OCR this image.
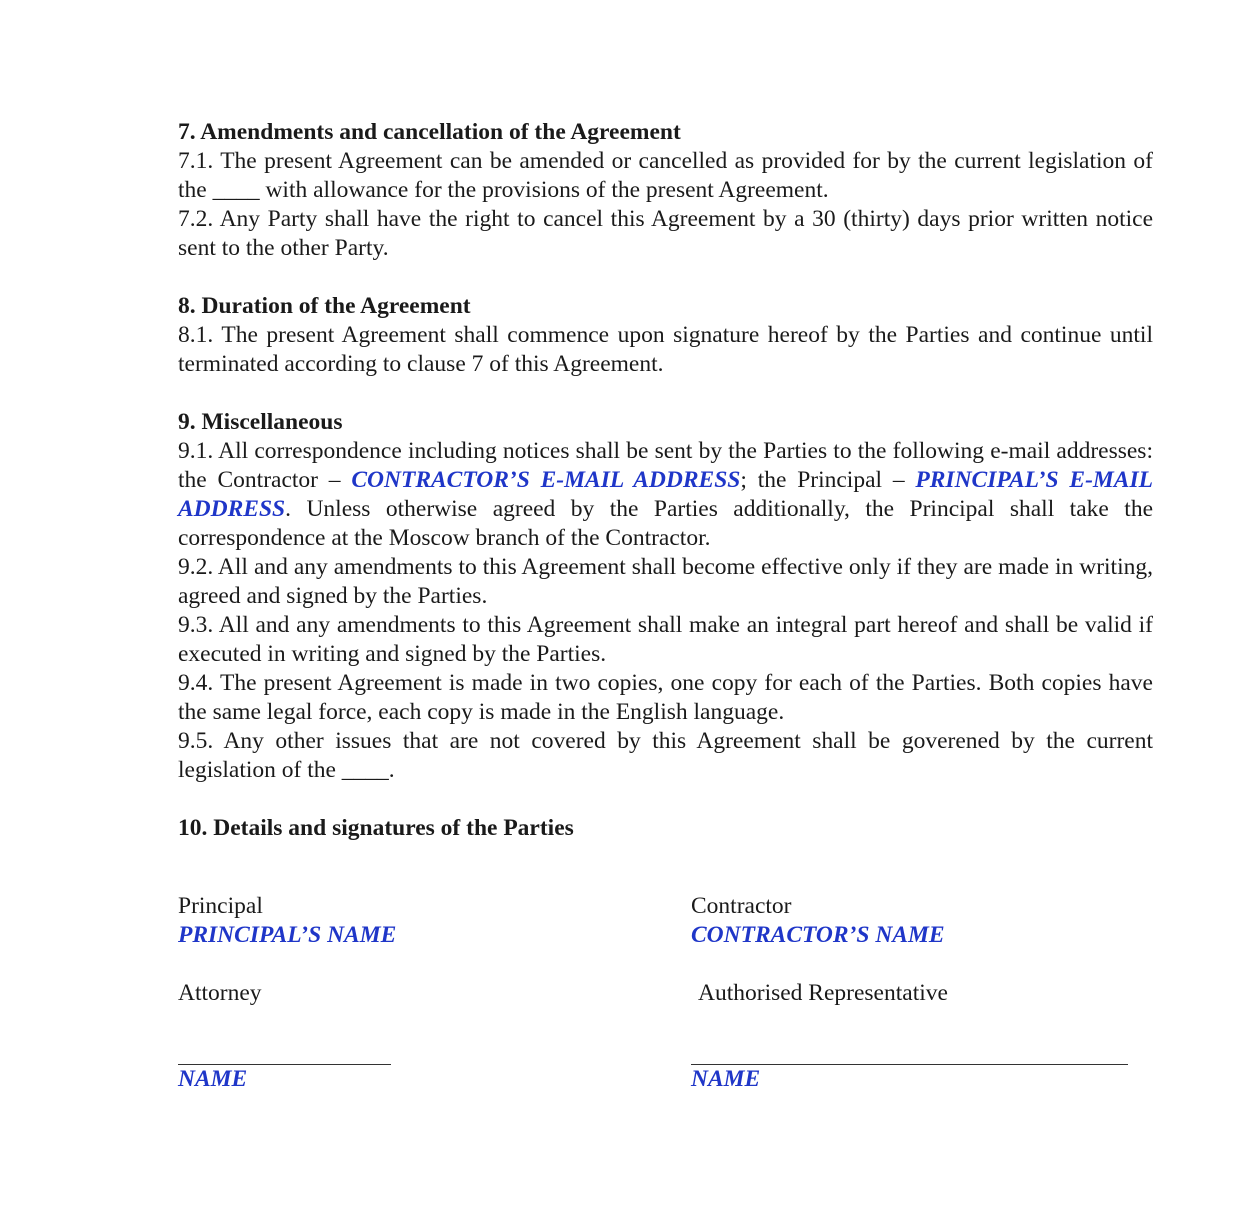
7. Amendments and cancellation of the Agreement

7.1. The present Agreement can be amended or cancelled as provided for by the current legislation of the ____ with allowance for the provisions of the present Agreement.

7.2. Any Party shall have the right to cancel this Agreement by a 30 (thirty) days prior written notice sent to the other Party.

8. Duration of the Agreement

8.1. The present Agreement shall commence upon signature hereof by the Parties and continue until terminated according to clause 7 of this Agreement.

9. Miscellaneous

9.1. All correspondence including notices shall be sent by the Parties to the following e-mail addresses: the Contractor – CONTRACTOR’S E-MAIL ADDRESS; the Principal – PRINCIPAL’S E-MAIL ADDRESS. Unless otherwise agreed by the Parties additionally, the Principal shall take the correspondence at the Moscow branch of the Contractor.

9.2. All and any amendments to this Agreement shall become effective only if they are made in writing, agreed and signed by the Parties.

9.3. All and any amendments to this Agreement shall make an integral part hereof and shall be valid if executed in writing and signed by the Parties.

9.4. The present Agreement is made in two copies, one copy for each of the Parties. Both copies have the same legal force, each copy is made in the English language.

9.5. Any other issues that are not covered by this Agreement shall be goverened by the current legislation of the ____.

10. Details and signatures of the Parties

Principal
PRINCIPAL’S NAME
Attorney
NAME
Contractor
CONTRACTOR’S NAME
Authorised Representative
NAME
